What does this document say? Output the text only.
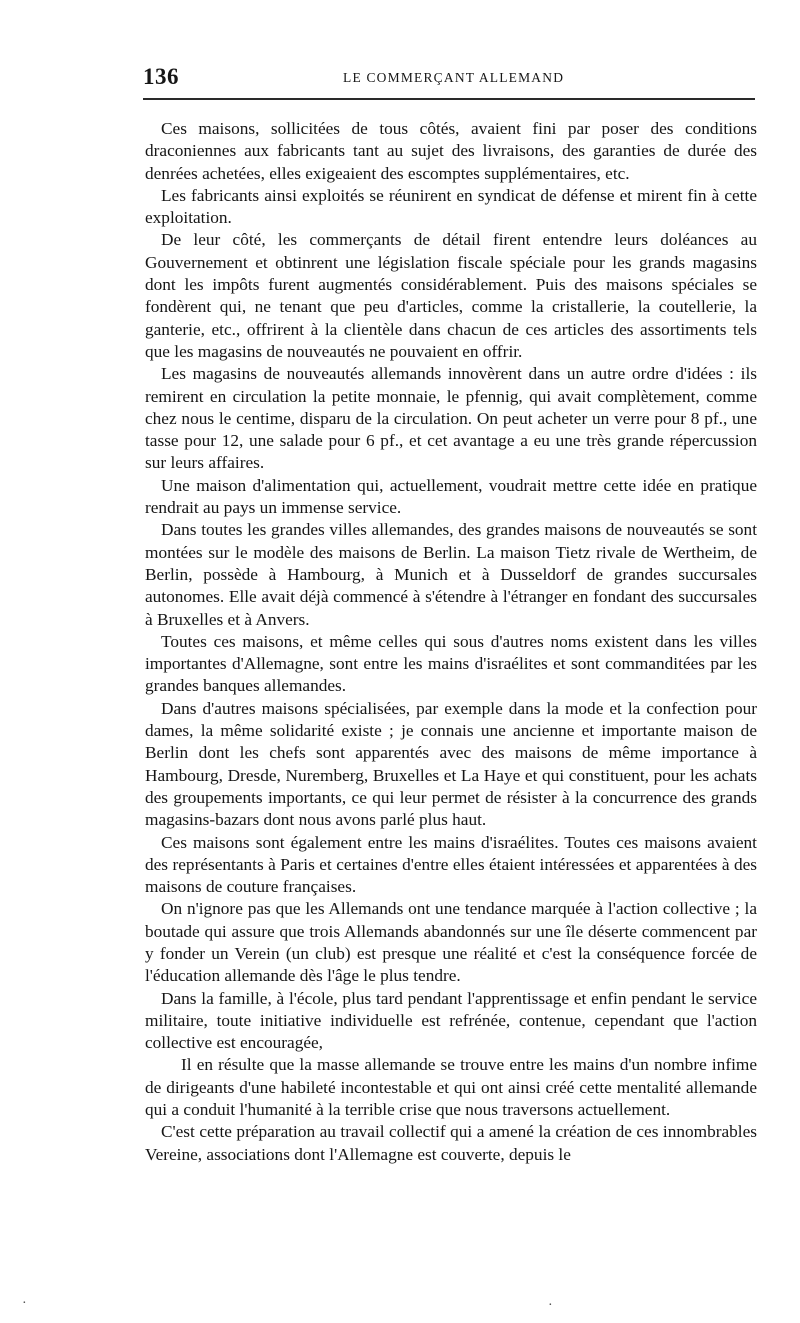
136	LE COMMERÇANT ALLEMAND

Ces maisons, sollicitées de tous côtés, avaient fini par poser des conditions draconiennes aux fabricants tant au sujet des livraisons, des garanties de durée des denrées achetées, elles exigeaient des escomptes supplémentaires, etc.

Les fabricants ainsi exploités se réunirent en syndicat de défense et mirent fin à cette exploitation.

De leur côté, les commerçants de détail firent entendre leurs doléances au Gouvernement et obtinrent une législation fiscale spéciale pour les grands magasins dont les impôts furent augmentés considérablement. Puis des maisons spéciales se fondèrent qui, ne tenant que peu d'articles, comme la cristallerie, la coutellerie, la ganterie, etc., offrirent à la clientèle dans chacun de ces articles des assortiments tels que les magasins de nouveautés ne pouvaient en offrir.

Les magasins de nouveautés allemands innovèrent dans un autre ordre d'idées : ils remirent en circulation la petite monnaie, le pfennig, qui avait complètement, comme chez nous le centime, disparu de la circulation. On peut acheter un verre pour 8 pf., une tasse pour 12, une salade pour 6 pf., et cet avantage a eu une très grande répercussion sur leurs affaires.

Une maison d'alimentation qui, actuellement, voudrait mettre cette idée en pratique rendrait au pays un immense service.

Dans toutes les grandes villes allemandes, des grandes maisons de nouveautés se sont montées sur le modèle des maisons de Berlin. La maison Tietz rivale de Wertheim, de Berlin, possède à Hambourg, à Munich et à Dusseldorf de grandes succursales autonomes. Elle avait déjà commencé à s'étendre à l'étranger en fondant des succursales à Bruxelles et à Anvers.

Toutes ces maisons, et même celles qui sous d'autres noms existent dans les villes importantes d'Allemagne, sont entre les mains d'israélites et sont commanditées par les grandes banques allemandes.

Dans d'autres maisons spécialisées, par exemple dans la mode et la confection pour dames, la même solidarité existe ; je connais une ancienne et importante maison de Berlin dont les chefs sont apparentés avec des maisons de même importance à Hambourg, Dresde, Nuremberg, Bruxelles et La Haye et qui constituent, pour les achats des groupements importants, ce qui leur permet de résister à la concurrence des grands magasins-bazars dont nous avons parlé plus haut.

Ces maisons sont également entre les mains d'israélites. Toutes ces maisons avaient des représentants à Paris et certaines d'entre elles étaient intéressées et apparentées à des maisons de couture françaises.

On n'ignore pas que les Allemands ont une tendance marquée à l'action collective ; la boutade qui assure que trois Allemands abandonnés sur une île déserte commencent par y fonder un Verein (un club) est presque une réalité et c'est la conséquence forcée de l'éducation allemande dès l'âge le plus tendre.

Dans la famille, à l'école, plus tard pendant l'apprentissage et enfin pendant le service militaire, toute initiative individuelle est refrénée, contenue, cependant que l'action collective est encouragée,

Il en résulte que la masse allemande se trouve entre les mains d'un nombre infime de dirigeants d'une habileté incontestable et qui ont ainsi créé cette mentalité allemande qui a conduit l'humanité à la terrible crise que nous traversons actuellement.

C'est cette préparation au travail collectif qui a amené la création de ces innombrables Vereine, associations dont l'Allemagne est couverte, depuis le

·	·
